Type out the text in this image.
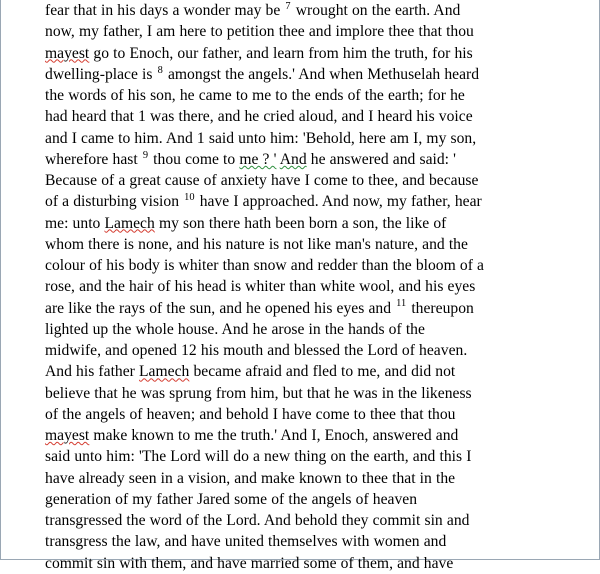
fear that in his days a wonder may be $^7$ wrought on the earth. And

now, my father, I am here to petition thee and implore thee that thou

mayest go to Enoch, our father, and learn from him the truth, for his

dwelling-place is $^8$ amongst the angels.' And when Methuselah heard

the words of his son, he came to me to the ends of the earth; for he

had heard that 1 was there, and he cried aloud, and I heard his voice

and I came to him. And 1 said unto him: 'Behold, here am I, my son,

wherefore hast $^9$ thou come to me ? ' And he answered and said: '

Because of a great cause of anxiety have I come to thee, and because

of a disturbing vision $^{10}$ have I approached. And now, my father, hear

me: unto Lamech my son there hath been born a son, the like of

whom there is none, and his nature is not like man's nature, and the

colour of his body is whiter than snow and redder than the bloom of a

rose, and the hair of his head is whiter than white wool, and his eyes

are like the rays of the sun, and he opened his eyes and $^{11}$ thereupon

lighted up the whole house. And he arose in the hands of the

midwife, and opened 12 his mouth and blessed the Lord of heaven.

And his father Lamech became afraid and fled to me, and did not

believe that he was sprung from him, but that he was in the likeness

of the angels of heaven; and behold I have come to thee that thou

mayest make known to me the truth.' And I, Enoch, answered and

said unto him: 'The Lord will do a new thing on the earth, and this I

have already seen in a vision, and make known to thee that in the

generation of my father Jared some of the angels of heaven

transgressed the word of the Lord. And behold they commit sin and

transgress the law, and have united themselves with women and

commit sin with them, and have married some of them, and have
